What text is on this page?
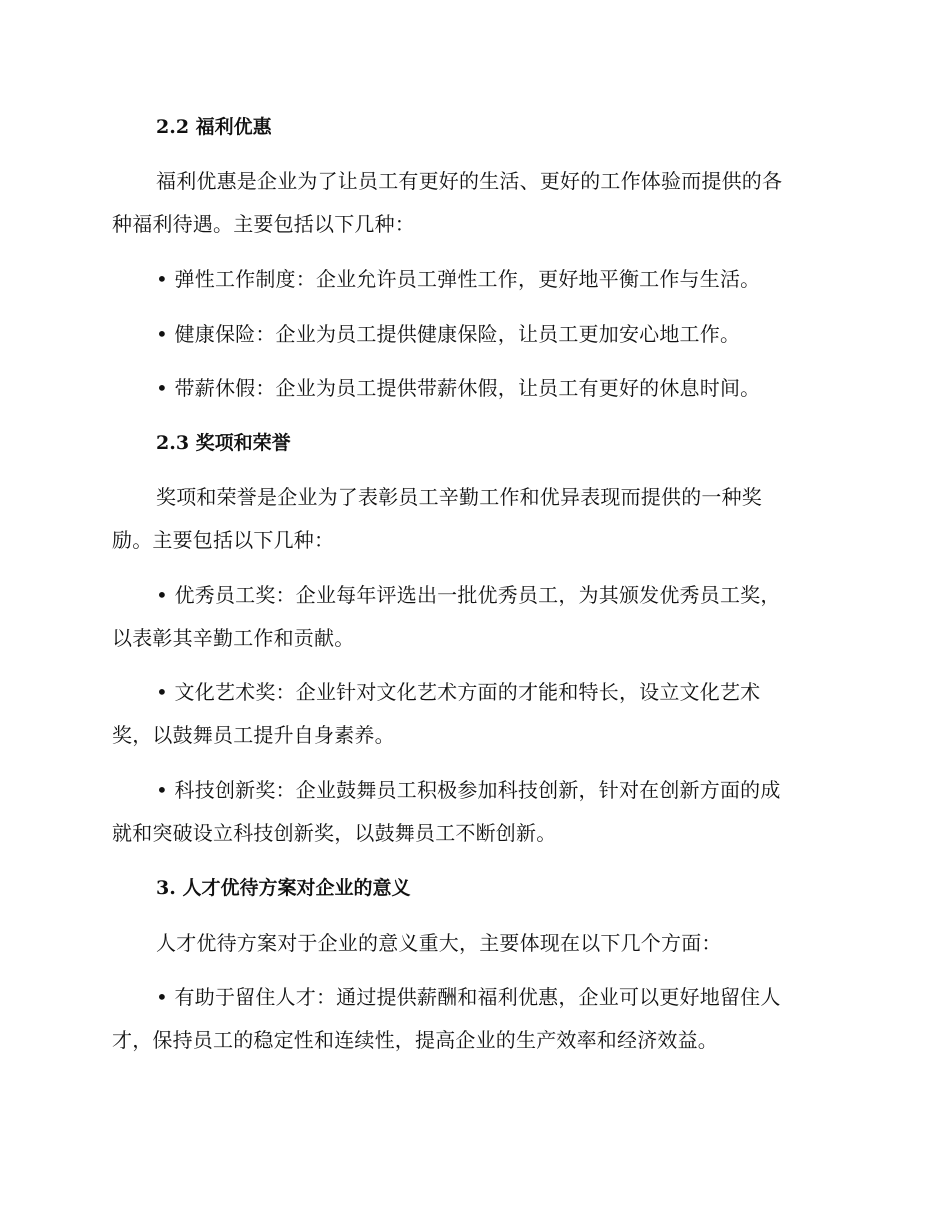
2.2 福利优惠
福利优惠是企业为了让员工有更好的生活、更好的工作体验而提供的各
种福利待遇。主要包括以下几种：
• 弹性工作制度：企业允许员工弹性工作，更好地平衡工作与生活。
• 健康保险：企业为员工提供健康保险，让员工更加安心地工作。
• 带薪休假：企业为员工提供带薪休假，让员工有更好的休息时间。
2.3 奖项和荣誉
奖项和荣誉是企业为了表彰员工辛勤工作和优异表现而提供的一种奖
励。主要包括以下几种：
• 优秀员工奖：企业每年评选出一批优秀员工，为其颁发优秀员工奖，
以表彰其辛勤工作和贡献。
• 文化艺术奖：企业针对文化艺术方面的才能和特长，设立文化艺术
奖，以鼓舞员工提升自身素养。
• 科技创新奖：企业鼓舞员工积极参加科技创新，针对在创新方面的成
就和突破设立科技创新奖，以鼓舞员工不断创新。
3. 人才优待方案对企业的意义
人才优待方案对于企业的意义重大，主要体现在以下几个方面：
• 有助于留住人才：通过提供薪酬和福利优惠，企业可以更好地留住人
才，保持员工的稳定性和连续性，提高企业的生产效率和经济效益。
